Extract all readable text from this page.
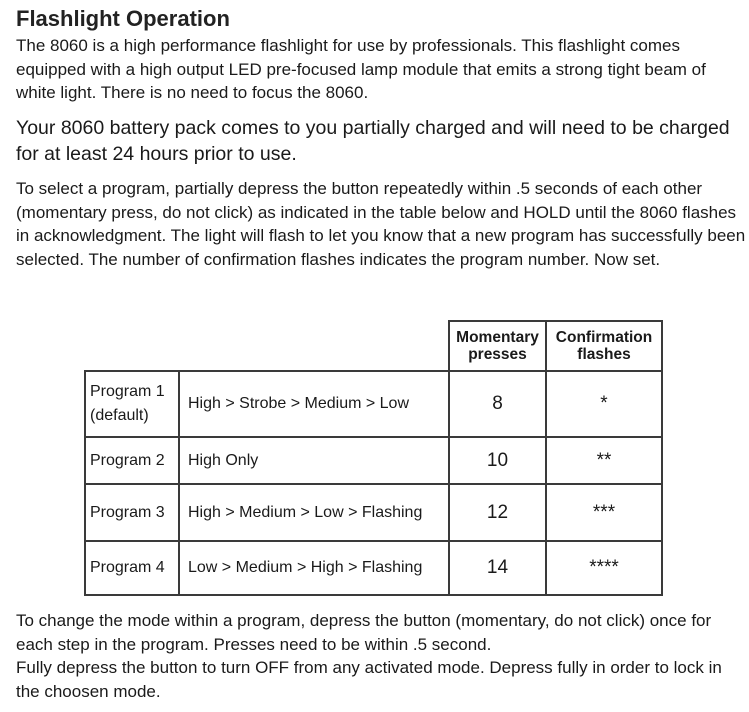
Flashlight Operation

The 8060 is a high performance flashlight for use by professionals. This flashlight comes equipped with a high output LED pre-focused lamp module that emits a strong tight beam of white light. There is no need to focus the 8060.

Your 8060 battery pack comes to you partially charged and will need to be charged for at least 24 hours prior to use.

To select a program, partially depress the button repeatedly within .5 seconds of each other (momentary press, do not click) as indicated in the table below and HOLD until the 8060 flashes in acknowledgment. The light will flash to let you know that a new program has successfully been selected. The number of confirmation flashes indicates the program number. Now set.

		Momentary presses	Confirmation flashes

Program 1
(default)	High > Strobe > Medium > Low	8	*
Program 2	High Only	10	**
Program 3	High > Medium > Low > Flashing	12	***
Program 4	Low > Medium > High > Flashing	14	****

To change the mode within a program, depress the button (momentary, do not click) once for each step in the program. Presses need to be within .5 second.

Fully depress the button to turn OFF from any activated mode. Depress fully in order to lock in the choosen mode.
